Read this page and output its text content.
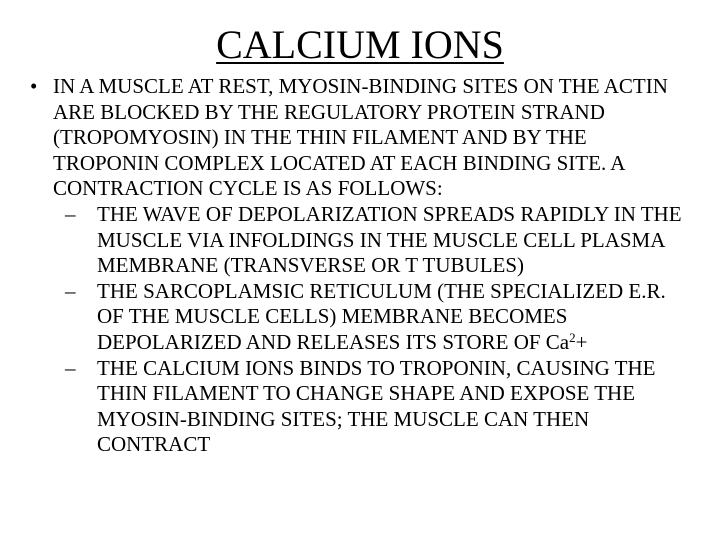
CALCIUM IONS
• IN A MUSCLE AT REST, MYOSIN-BINDING SITES ON THE ACTIN ARE BLOCKED BY THE REGULATORY PROTEIN STRAND (TROPOMYOSIN) IN THE THIN FILAMENT AND BY THE TROPONIN COMPLEX LOCATED AT EACH BINDING SITE. A CONTRACTION CYCLE IS AS FOLLOWS:
–	THE WAVE OF DEPOLARIZATION SPREADS RAPIDLY IN THE MUSCLE VIA INFOLDINGS IN THE MUSCLE CELL PLASMA MEMBRANE (TRANSVERSE OR T TUBULES)
–	THE SARCOPLAMSIC RETICULUM (THE SPECIALIZED E.R. OF THE MUSCLE CELLS) MEMBRANE BECOMES DEPOLARIZED AND RELEASES ITS STORE OF $Ca^2+$
–	THE CALCIUM IONS BINDS TO TROPONIN, CAUSING THE THIN FILAMENT TO CHANGE SHAPE AND EXPOSE THE MYOSIN-BINDING SITES; THE MUSCLE CAN THEN CONTRACT
